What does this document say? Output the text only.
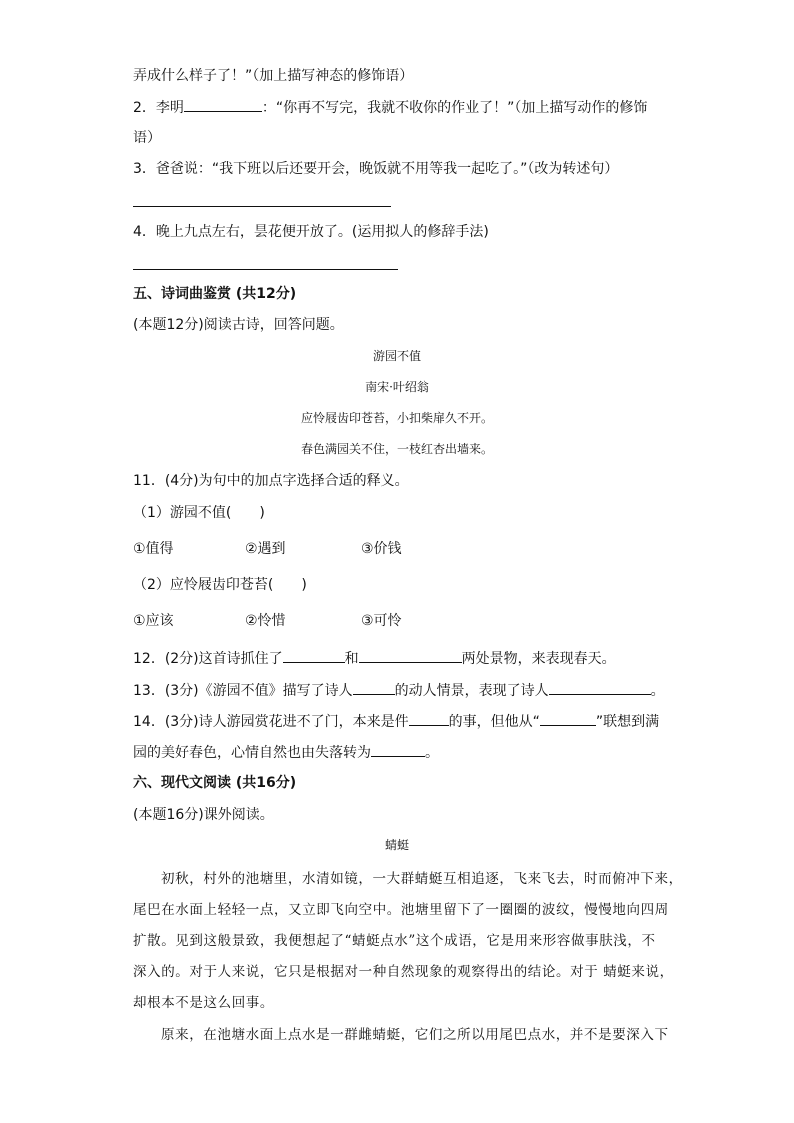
弄成什么样子了！”（加上描写神态的修饰语）
2．李明	：“你再不写完，我就不收你的作业了！”（加上描写动作的修饰
语）
3．爸爸说：“我下班以后还要开会，晚饭就不用等我一起吃了。”（改为转述句）
4．晚上九点左右，昙花便开放了。(运用拟人的修辞手法)
五、诗词曲鉴赏 (共12分)
(本题12分)阅读古诗，回答问题。
游园不值
南宋·叶绍翁
应怜屐齿印苍苔，小扣柴扉久不开。
春色满园关不住，一枝红杏出墙来。
11．(4分)为句中的加点字选择合适的释义。
（1）游园不值(　　)
①值得	②遇到	③价钱
（2）应怜屐齿印苍苔(　　)
①应该	②怜惜	③可怜
12．(2分)这首诗抓住了	和	两处景物，来表现春天。
13．(3分)《游园不值》描写了诗人	的动人情景，表现了诗人	。
14．(3分)诗人游园赏花进不了门，本来是件	的事，但他从“	”联想到满
园的美好春色，心情自然也由失落转为	。
六、现代文阅读 (共16分)
(本题16分)课外阅读。
蜻蜓
初秋，村外的池塘里，水清如镜，一大群蜻蜓互相追逐，飞来飞去，时而俯冲下来，
尾巴在水面上轻轻一点，又立即飞向空中。池塘里留下了一圈圈的波纹，慢慢地向四周
扩散。见到这般景致，我便想起了“蜻蜓点水”这个成语，它是用来形容做事肤浅，不
深入的。对于人来说，它只是根据对一种自然现象的观察得出的结论。对于 蜻蜓来说，
却根本不是这么回事。
原来，在池塘水面上点水是一群雌蜻蜓，它们之所以用尾巴点水，并不是要深入下
